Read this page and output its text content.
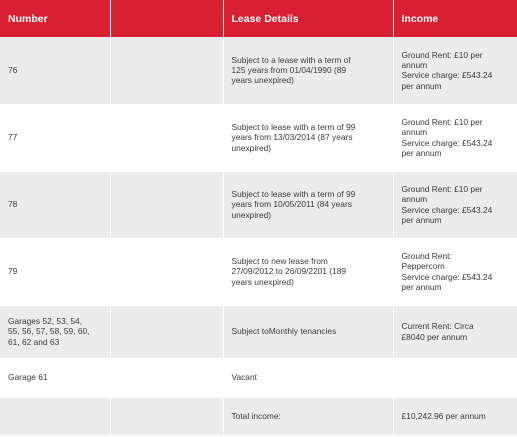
Number		Lease Details	Income

76		Subject to a lease with a term of
125 years from 01/04/1990 (89
years unexpired)	Ground Rent: £10 per
annum
Service charge: £543.24
per annum

77		Subject to lease with a term of 99
years from 13/03/2014 (87 years
unexpired)	Ground Rent: £10 per
annum
Service charge: £543.24
per annum

78		Subject to lease with a term of 99
years from 10/05/2011 (84 years
unexpired)	Ground Rent: £10 per
annum
Service charge: £543.24
per annum

79		Subject to new lease from
27/09/2012 to 26/09/2201 (189
years unexpired)	Ground Rent:
Peppercorn
Service charge: £543.24
per annum

Garages 52, 53, 54,
55, 56, 57, 58, 59, 60,
61, 62 and 63		Subject toMonthly tenancies	Current Rent: Circa
£8040 per annum

Garage 61		Vacant	

		Total income:	£10,242.96 per annum
